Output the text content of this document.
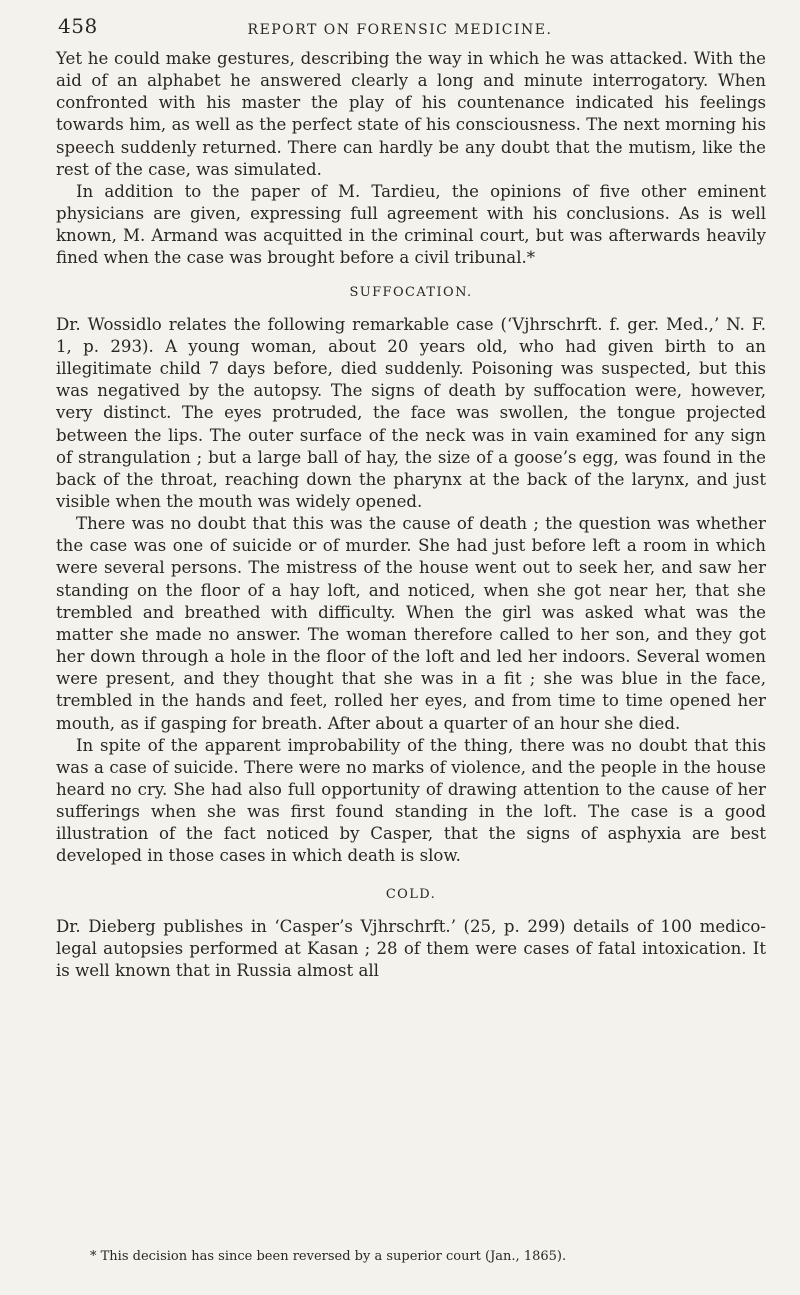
458	REPORT ON FORENSIC MEDICINE.

Yet he could make gestures, describing the way in which he was attacked. With the aid of an alphabet he answered clearly a long and minute interrogatory. When confronted with his master the play of his countenance indicated his feelings towards him, as well as the perfect state of his consciousness. The next morning his speech suddenly returned. There can hardly be any doubt that the mutism, like the rest of the case, was simulated.

In addition to the paper of M. Tardieu, the opinions of five other eminent physicians are given, expressing full agreement with his conclusions. As is well known, M. Armand was acquitted in the criminal court, but was afterwards heavily fined when the case was brought before a civil tribunal.*

SUFFOCATION.

Dr. Wossidlo relates the following remarkable case (‘Vjhrschrft. f. ger. Med.,’ N. F. 1, p. 293). A young woman, about 20 years old, who had given birth to an illegitimate child 7 days before, died suddenly. Poisoning was suspected, but this was negatived by the autopsy. The signs of death by suffocation were, however, very distinct. The eyes protruded, the face was swollen, the tongue projected between the lips. The outer surface of the neck was in vain examined for any sign of strangulation ; but a large ball of hay, the size of a goose’s egg, was found in the back of the throat, reaching down the pharynx at the back of the larynx, and just visible when the mouth was widely opened.

There was no doubt that this was the cause of death ; the question was whether the case was one of suicide or of murder. She had just before left a room in which were several persons. The mistress of the house went out to seek her, and saw her standing on the floor of a hay loft, and noticed, when she got near her, that she trembled and breathed with difficulty. When the girl was asked what was the matter she made no answer. The woman therefore called to her son, and they got her down through a hole in the floor of the loft and led her indoors. Several women were present, and they thought that she was in a fit ; she was blue in the face, trembled in the hands and feet, rolled her eyes, and from time to time opened her mouth, as if gasping for breath. After about a quarter of an hour she died.

In spite of the apparent improbability of the thing, there was no doubt that this was a case of suicide. There were no marks of violence, and the people in the house heard no cry. She had also full opportunity of drawing attention to the cause of her sufferings when she was first found standing in the loft. The case is a good illustration of the fact noticed by Casper, that the signs of asphyxia are best developed in those cases in which death is slow.

COLD.

Dr. Dieberg publishes in ‘Casper’s Vjhrschrft.’ (25, p. 299) details of 100 medico-legal autopsies performed at Kasan ; 28 of them were cases of fatal intoxication. It is well known that in Russia almost all

* This decision has since been reversed by a superior court (Jan., 1865).
